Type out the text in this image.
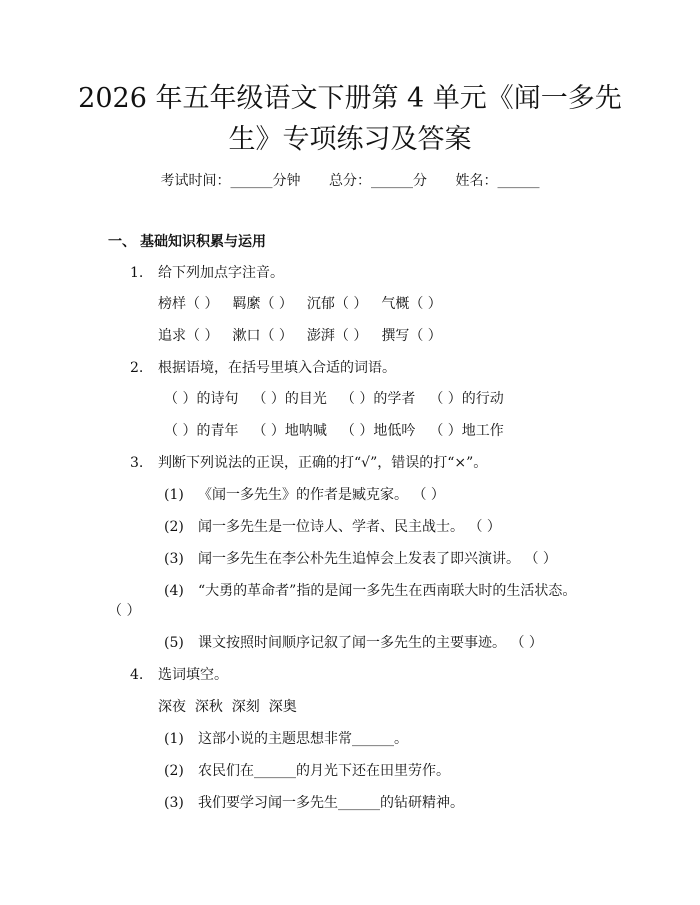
2026 年五年级语文下册第 4 单元《闻一多先
生》专项练习及答案
考试时间：______分钟 总分：______分 姓名：______
一、 基础知识积累与运用
1. 给下列加点字注音。
榜样（ ） 羁縻（ ） 沉郁（ ） 气概（ ）
追求（ ） 漱口（ ） 澎湃（ ） 撰写（ ）
2. 根据语境，在括号里填入合适的词语。
（ ）的诗句 （ ）的目光 （ ）的学者 （ ）的行动
（ ）的青年 （ ）地呐喊 （ ）地低吟 （ ）地工作
3. 判断下列说法的正误，正确的打“√”，错误的打“×”。
(1) 《闻一多先生》的作者是臧克家。 （ ）
(2) 闻一多先生是一位诗人、学者、民主战士。 （ ）
(3) 闻一多先生在李公朴先生追悼会上发表了即兴演讲。 （ ）
(4) “大勇的革命者”指的是闻一多先生在西南联大时的生活状态。
（ ）
(5) 课文按照时间顺序记叙了闻一多先生的主要事迹。 （ ）
4. 选词填空。
深夜  深秋  深刻  深奥
(1) 这部小说的主题思想非常______。
(2) 农民们在______的月光下还在田里劳作。
(3) 我们要学习闻一多先生______的钻研精神。
